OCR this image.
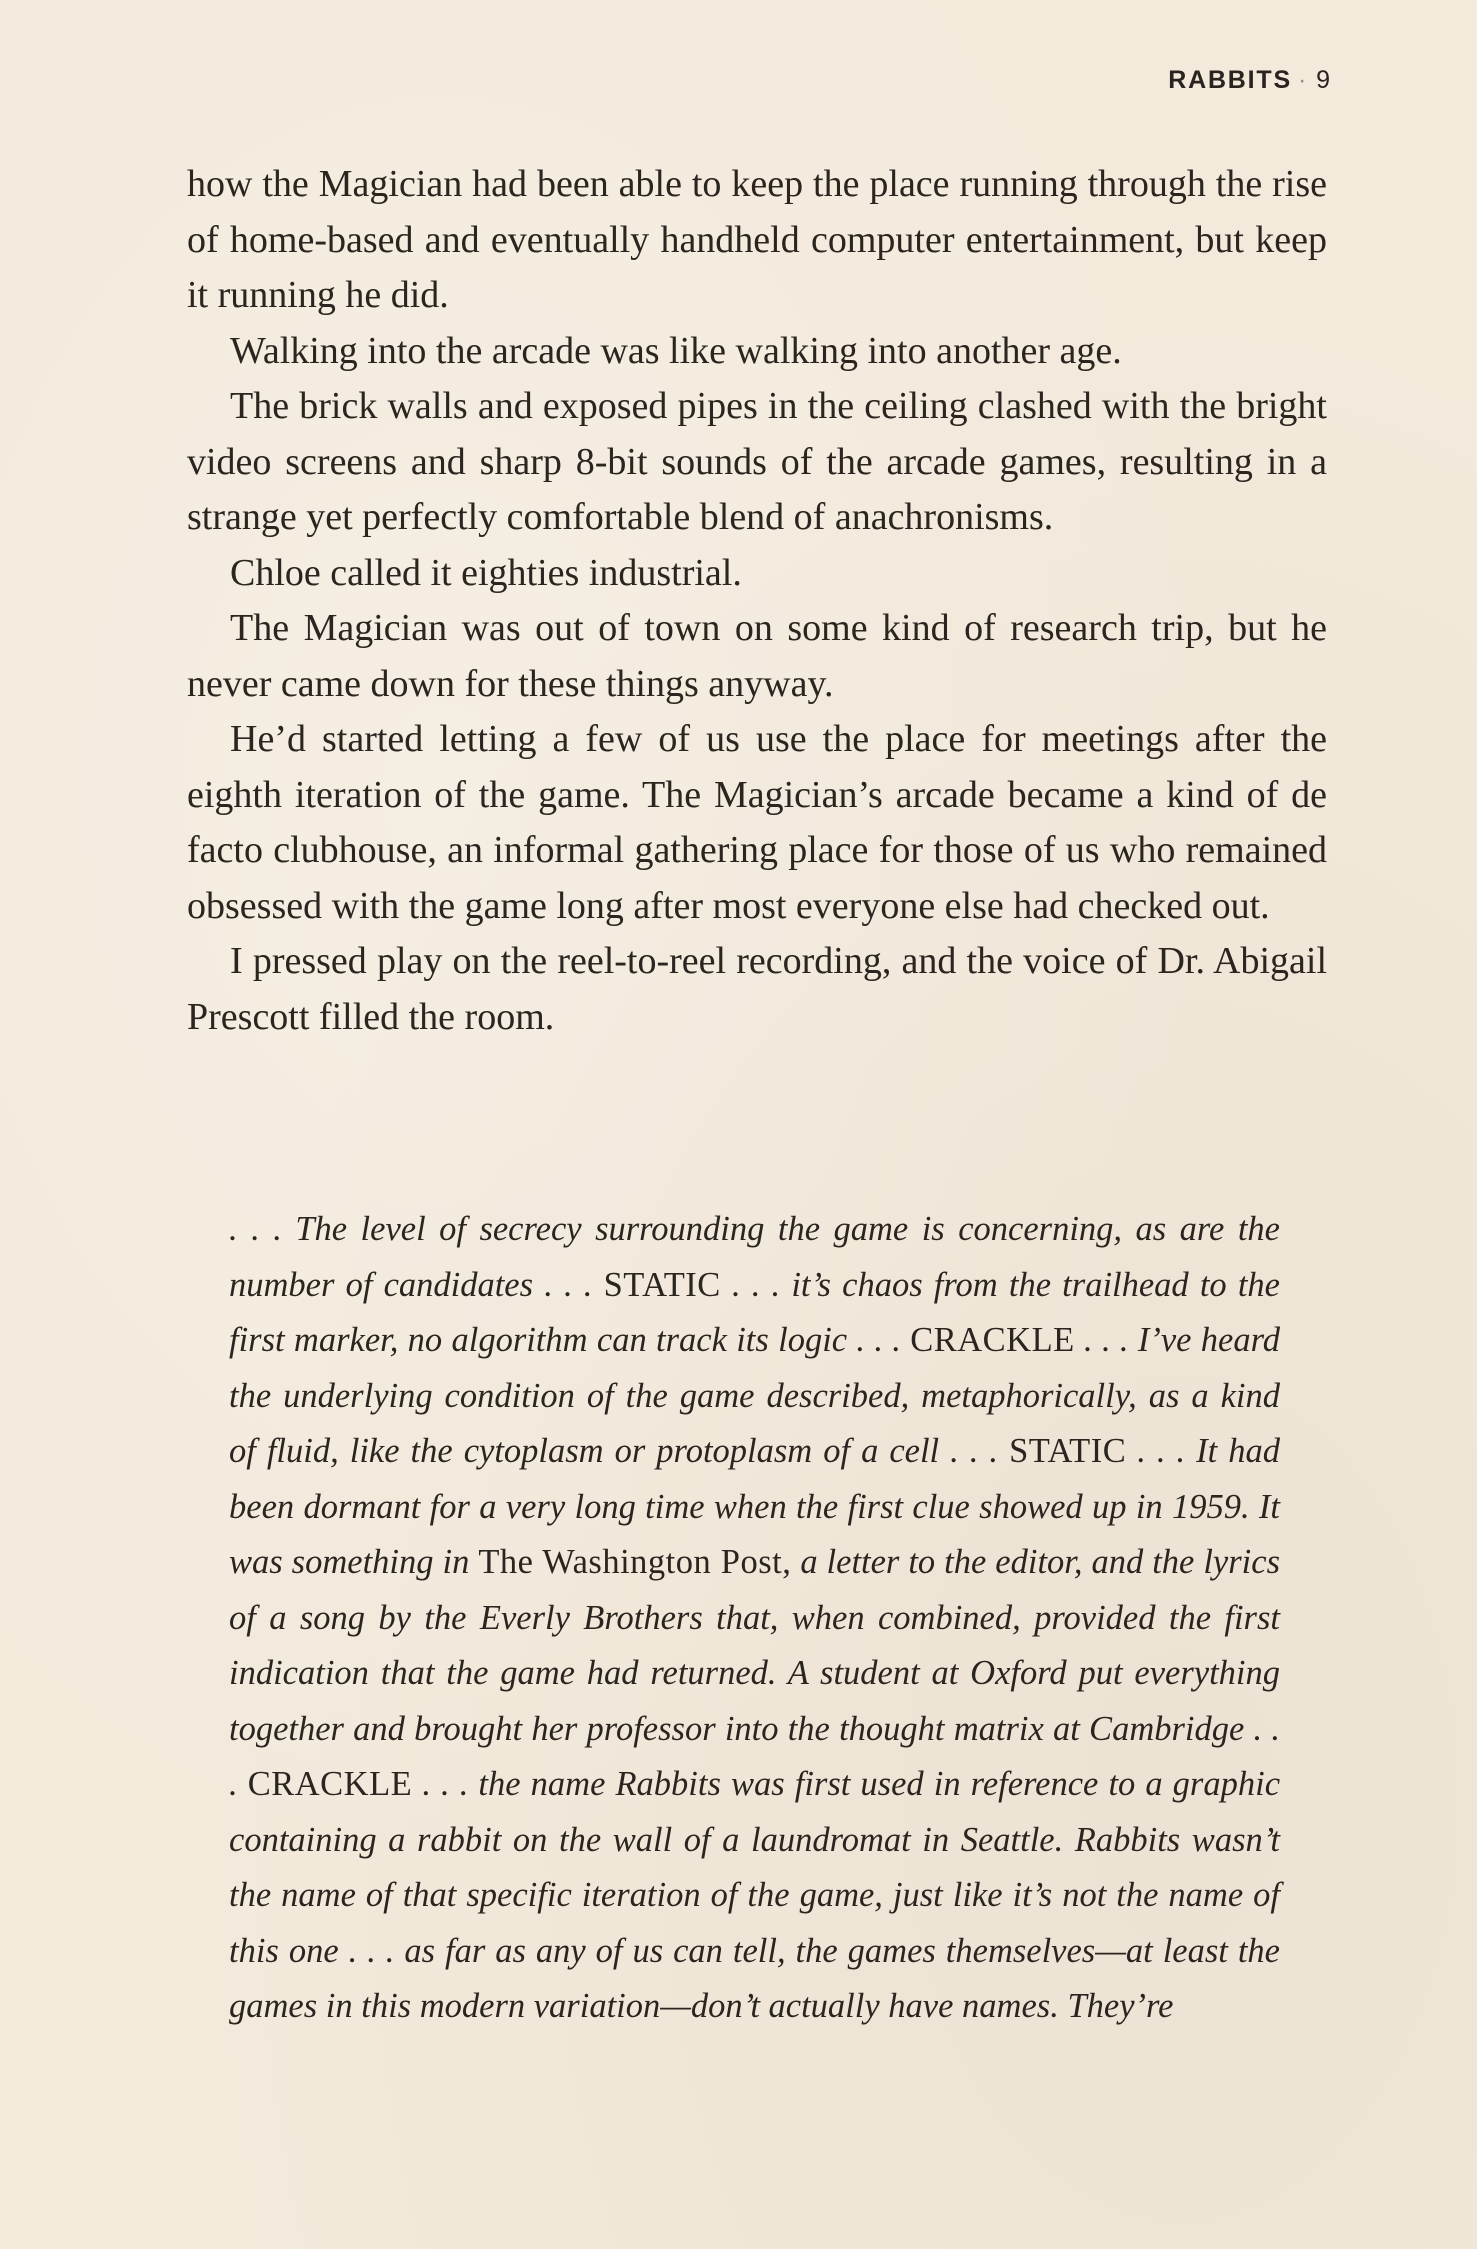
RABBITS · 9

how the Magician had been able to keep the place running through the rise of home-based and eventually handheld computer entertainment, but keep it running he did.

Walking into the arcade was like walking into another age.

The brick walls and exposed pipes in the ceiling clashed with the bright video screens and sharp 8-bit sounds of the arcade games, resulting in a strange yet perfectly comfortable blend of anachronisms.

Chloe called it eighties industrial.

The Magician was out of town on some kind of research trip, but he never came down for these things anyway.

He’d started letting a few of us use the place for meetings after the eighth iteration of the game. The Magician’s arcade became a kind of de facto clubhouse, an informal gathering place for those of us who remained obsessed with the game long after most everyone else had checked out.

I pressed play on the reel-to-reel recording, and the voice of Dr. Abigail Prescott filled the room.

. . . The level of secrecy surrounding the game is concerning, as are the number of candidates . . . STATIC . . . it’s chaos from the trailhead to the first marker, no algorithm can track its logic . . . CRACKLE . . . I’ve heard the underlying condition of the game described, metaphorically, as a kind of fluid, like the cytoplasm or protoplasm of a cell . . . STATIC . . . It had been dormant for a very long time when the first clue showed up in 1959. It was something in The Washington Post, a letter to the editor, and the lyrics of a song by the Everly Brothers that, when combined, provided the first indication that the game had returned. A student at Oxford put everything together and brought her professor into the thought matrix at Cambridge . . . CRACKLE . . . the name Rabbits was first used in reference to a graphic containing a rabbit on the wall of a laundromat in Seattle. Rabbits wasn’t the name of that specific iteration of the game, just like it’s not the name of this one . . . as far as any of us can tell, the games themselves—at least the games in this modern variation—don’t actually have names. They’re
